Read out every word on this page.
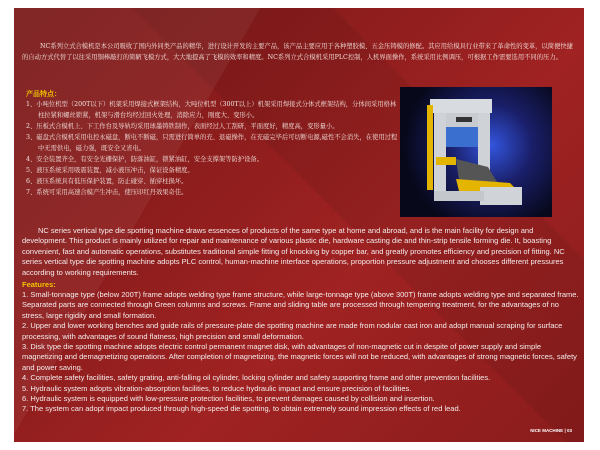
NC系列立式合模机是本公司吸收了国内外同类产品的精华，进行设计开发的主要产品，该产品主要应用于各种塑胶模、五金压铸模的修配。其应用给模具行业带来了革命性的变革，以简便快捷的自动方式代替了以往采用铜棒敲打的简陋飞模方式，大大地提高了飞模的效率和精度。NC系列立式合模机采用PLC控制，人机界面操作，系统采用比例调压，可根据工作需要选用不同的压力。
产品特点：
1、小吨位机型（200T以下）机架采用焊接式框架结构，大吨位机型（300T以上）机架采用焊接式分体式框架结构，分体间采用格林柱拉紧和螺丝锁紧，机架与滑台均经过回火处理，消除应力，刚度大、变形小。
2、压板式合模机上、下工作台及导轨均采用球墨铸铁制作，表面经过人工刮研，平面度好，精度高，变形量小。
3、磁盘式合模机采用电控永磁盘，断电不断磁，只需进行简单的充、退磁操作，在充磁完毕后可切断电源,磁性不会消失，在使用过程中无需供电，磁力强，既安全又省电。
4、安全装置齐全，有安全光栅保护，防落油缸，锁紧油缸，安全支撑架等防护设备。
5、液压系统采用吸震装置，减小液压冲击，保证设备精度。
6、液压系统具有低压保护装置，防止碰穿、插穿柱损坏。
7、系统可采用高速合模产生冲击，使压印红丹效果奇佳。
NC series vertical type die spotting machine draws essences of products of the same type at home and abroad, and is the main facility for design and development. This product is mainly utilized for repair and maintenance of various plastic die, hardware casting die and thin-strip tensile forming die. It, boasting convenient, fast and automatic operations, substitutes traditional simple fitting of knocking by copper bar, and greatly promotes efficiency and precision of fitting. NC series vertical type die spotting machine adopts PLC control, human-machine interface operations, proportion pressure adjustment and chooses different pressures according to working requirements.
Features:
1. Small-tonnage type (below 200T) frame adopts welding type frame structure, while large-tonnage type (above 300T) frame adopts welding type and separated frame. Separated parts are connected through Green columns and screws. Frame and sliding table are processed through tempering treatment, for the advantages of no stress, large rigidity and small formation.
2. Upper and lower working benches and guide rails of pressure-plate die spotting machine are made from nodular cast iron and adopt manual scraping for surface processing, with advantages of sound flatness, high precision and small deformation.
3. Disk type die spotting machine adopts electric control permanent magnet disk, with advantages of non-magnetic cut in despite of power supply and simple magnetizing and demagnetizing operations. After completion of magnetizing, the magnetic forces will not be reduced, with advantages of strong magnetic forces, safety and power saving.
4. Complete safety facilities, safety grating, anti-falling oil cylinder, locking cylinder and safety supporting frame and other prevention facilities.
5. Hydraulic system adopts vibration-absorption facilities, to reduce hydraulic impact and ensure precision of facilities.
6. Hydraulic system is equipped with low-pressure protection facilities, to prevent damages caused by collision and insertion.
7. The system can adopt impact produced through high-speed die spotting, to obtain extremely sound impression effects of red lead.
NICE MACHINE | 03
